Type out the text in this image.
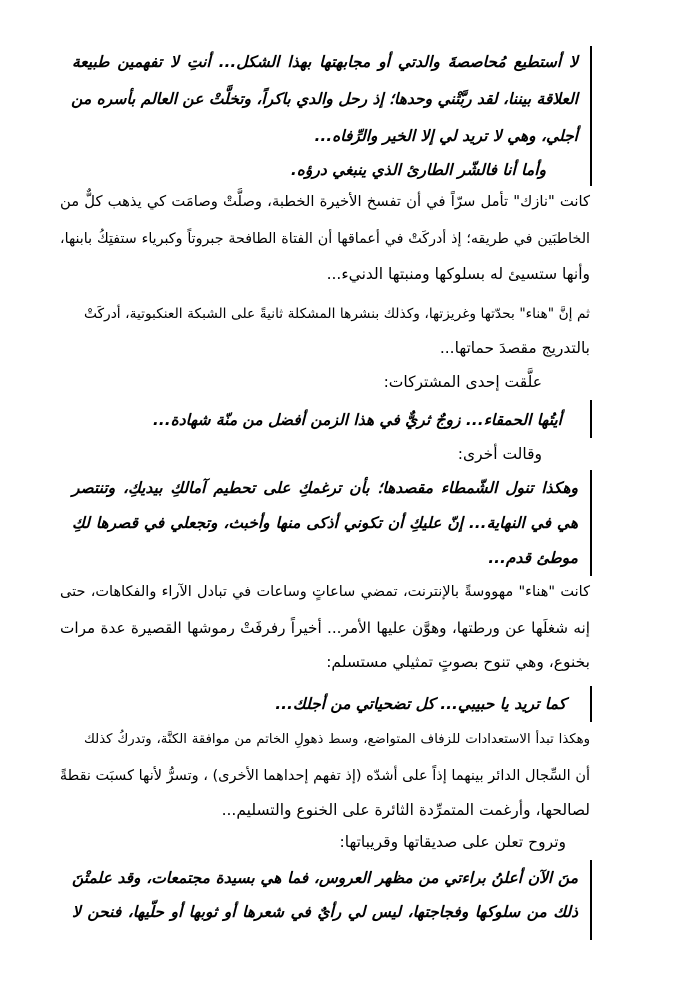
لا أستطيع مُحاصصةَ والدتي أو مجابهتها بهذا الشكل... أنتِ لا تفهمين طبيعة
العلاقة بيننا، لقد ربَّتْني وحدها؛ إذ رحل والدي باكراً، وتخلَّتْ عن العالم بأسره من
أجلي، وهي لا تريد لي إلا الخير والرِّفاه...
وأما أنا فالشّر الطارئ الذي ينبغي درؤه.
كانت "نازك" تأمل سرّاً في أن تفسخ الأخيرة الخطبة، وصلَّتْ وصامَت كي يذهب كلٌّ من
الخاطبَين في طريقه؛ إذ أدركَتْ في أعماقها أن الفتاة الطافحة جبروتاً وكبرياء ستفتِكُ بابنها،
وأنها ستسيئ له بسلوكها ومنبتها الدنيء...
ثم إنَّ "هناء" بحدّتها وغريزتها، وكذلك بنشرها المشكلة ثانيةً على الشبكة العنكبوتية، أدركَتْ
بالتدريج مقصدَ حماتها...
علَّقت إحدى المشتركات:
أيتُها الحمقاء... زوجٌ ثريٌّ في هذا الزمن أفضل من منّة شهادة...
وقالت أخرى:
وهكذا تنول الشّمطاء مقصدها؛ بأن ترغمكِ على تحطيم آمالكِ بيديكِ، وتنتصر
هي في النهاية... إنّ عليكِ أن تكوني أذكى منها وأخبث، وتجعلي في قصرها لكِ
موطئ قدم...
كانت "هناء" مهووسةً بالإنترنت، تمضي ساعاتٍ وساعات في تبادل الآراء والفكاهات، حتى
إنه شغلَها عن ورطتها، وهوَّن عليها الأمر... أخيراً رفرفَتْ رموشها القصيرة عدة مرات
بخنوع، وهي تنوح بصوتٍ تمثيلي مستسلم:
كما تريد يا حبيبي... كل تضحياتي من أجلك...
وهكذا تبدأ الاستعدادات للزفاف المتواضع، وسط ذهولِ الخاتم من موافقة الكنَّة، وتدركُ كذلك
أن السِّجال الدائر بينهما إذاً على أشدّه (إذ تفهم إحداهما الأخرى) ، وتسرُّ لأنها كسبَت نقطةً
لصالحها، وأرغمت المتمرِّدة الثائرة على الخنوع والتسليم...
وتروح تعلن على صديقاتها وقريباتها:
منَ الآن أعلنُ براءتي من مظهر العروس، فما هي بسيدة مجتمعات، وقد علمتْنَ
ذلك من سلوكها وفجاجتها، ليس لي رأيٌ في شعرها أو ثوبها أو حلّيها، فنحن لا
